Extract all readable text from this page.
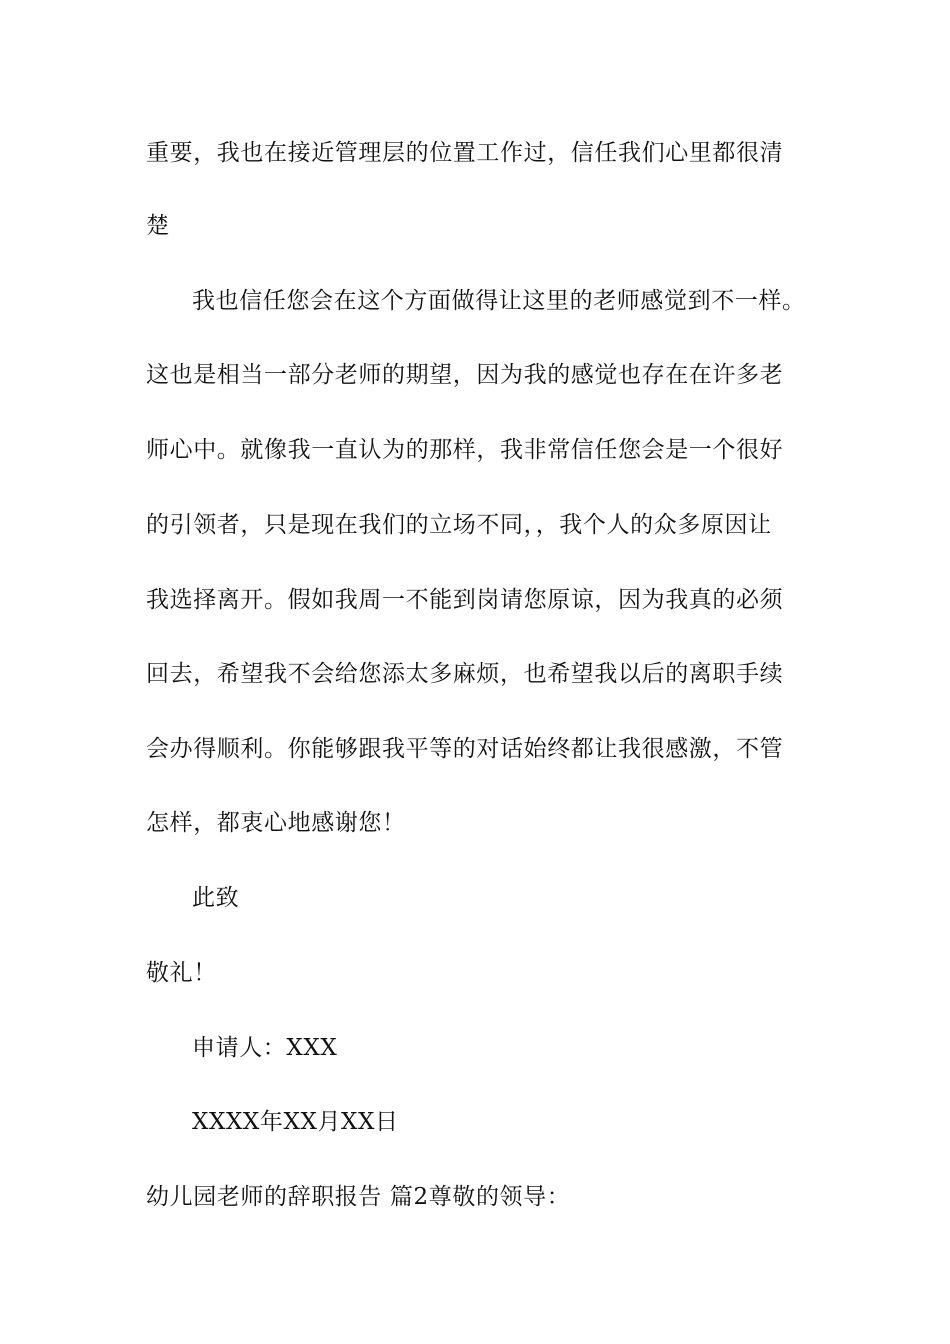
重要，我也在接近管理层的位置工作过，信任我们心里都很清
楚
我也信任您会在这个方面做得让这里的老师感觉到不一样。
这也是相当一部分老师的期望，因为我的感觉也存在在许多老
师心中。就像我一直认为的那样，我非常信任您会是一个很好
的引领者，只是现在我们的立场不同，，我个人的众多原因让
我选择离开。假如我周一不能到岗请您原谅，因为我真的必须
回去，希望我不会给您添太多麻烦，也希望我以后的离职手续
会办得顺利。你能够跟我平等的对话始终都让我很感激，不管
怎样，都衷心地感谢您！
此致
敬礼！
申请人：XXX
XXXX年XX月XX日
幼儿园老师的辞职报告 篇2尊敬的领导：
